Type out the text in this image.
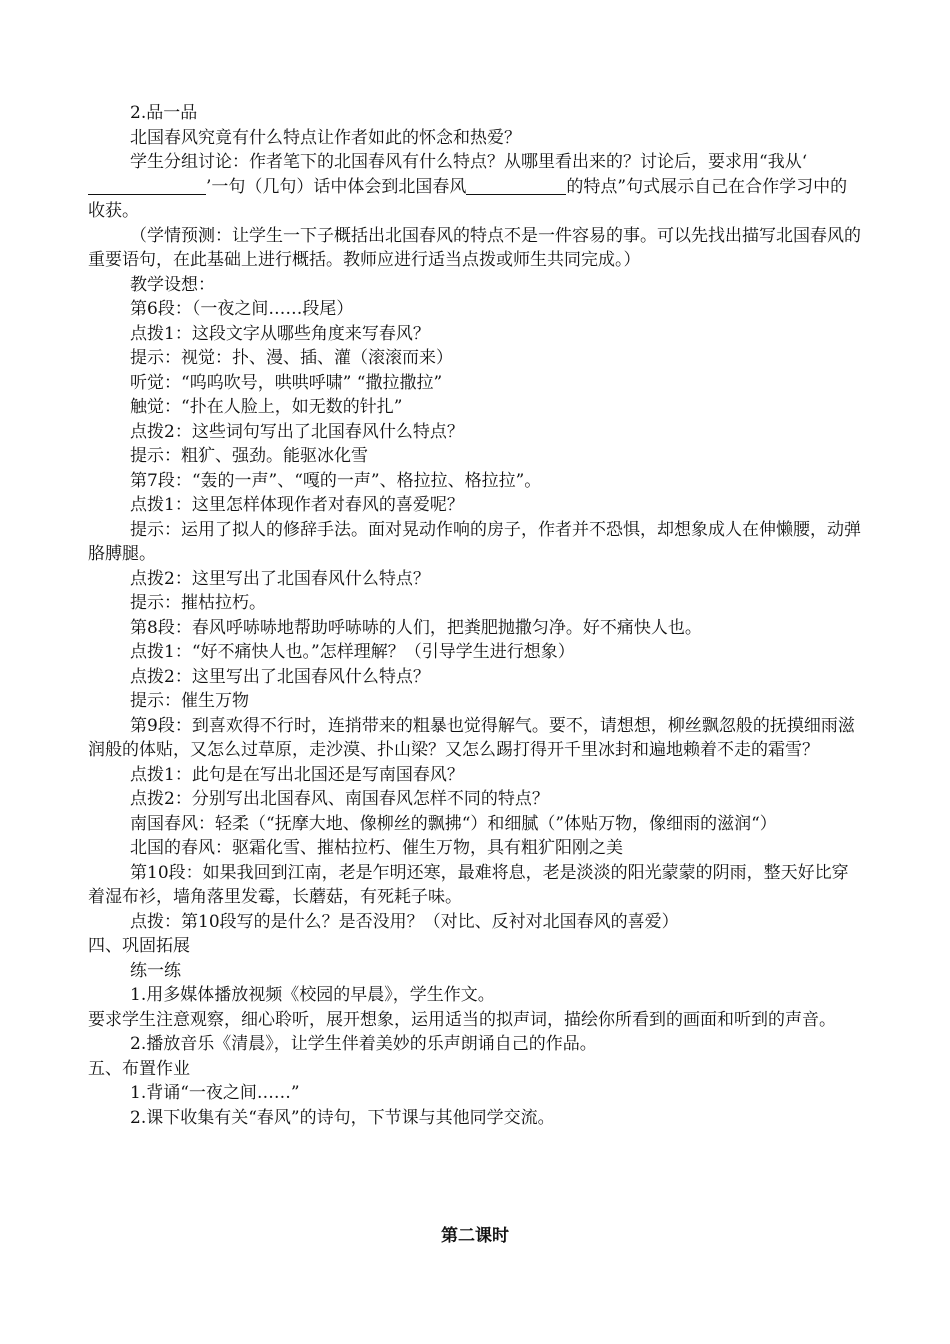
2.品一品

北国春风究竟有什么特点让作者如此的怀念和热爱？

学生分组讨论：作者笔下的北国春风有什么特点？从哪里看出来的？讨论后，要求用“我从‘’一句（几句）话中体会到北国春风	的特点”句式展示自己在合作学习中的收获。

（学情预测：让学生一下子概括出北国春风的特点不是一件容易的事。可以先找出描写北国春风的重要语句，在此基础上进行概括。教师应进行适当点拨或师生共同完成。）

教学设想：

第6段：（一夜之间……段尾）

点拨1：这段文字从哪些角度来写春风？

提示：视觉：扑、漫、插、灌（滚滚而来）

听觉：“呜呜吹号，哄哄呼啸” “撒拉撒拉”

触觉：“扑在人脸上，如无数的针扎”

点拨2：这些词句写出了北国春风什么特点？

提示：粗犷、强劲。能驱冰化雪

第7段：“轰的一声”、“嘎的一声”、格拉拉、格拉拉”。

点拨1：这里怎样体现作者对春风的喜爱呢？

提示：运用了拟人的修辞手法。面对晃动作响的房子，作者并不恐惧，却想象成人在伸懒腰，动弹胳膊腿。

点拨2：这里写出了北国春风什么特点？

提示：摧枯拉朽。

第8段：春风呼哧哧地帮助呼哧哧的人们，把粪肥抛撒匀净。好不痛快人也。

点拨1：“好不痛快人也。”怎样理解？（引导学生进行想象）

点拨2：这里写出了北国春风什么特点？

提示：催生万物

第9段：到喜欢得不行时，连捎带来的粗暴也觉得解气。要不，请想想，柳丝飘忽般的抚摸细雨滋润般的体贴，又怎么过草原，走沙漠、扑山梁？又怎么踢打得开千里冰封和遍地赖着不走的霜雪？

点拨1：此句是在写出北国还是写南国春风？

点拨2：分别写出北国春风、南国春风怎样不同的特点？

南国春风：轻柔（“抚摩大地、像柳丝的飘拂“）和细腻（”体贴万物，像细雨的滋润“）

北国的春风：驱霜化雪、摧枯拉朽、催生万物，具有粗犷阳刚之美

第10段：如果我回到江南，老是乍明还寒，最难将息，老是淡淡的阳光蒙蒙的阴雨，整天好比穿着湿布衫，墙角落里发霉，长蘑菇，有死耗子味。

点拨：第10段写的是什么？是否没用？（对比、反衬对北国春风的喜爱）

四、巩固拓展

练一练

1.用多媒体播放视频《校园的早晨》，学生作文。

要求学生注意观察，细心聆听，展开想象，运用适当的拟声词，描绘你所看到的画面和听到的声音。

2.播放音乐《清晨》，让学生伴着美妙的乐声朗诵自己的作品。

五、布置作业

1.背诵“一夜之间……”

2.课下收集有关“春风”的诗句，下节课与其他同学交流。

第二课时
